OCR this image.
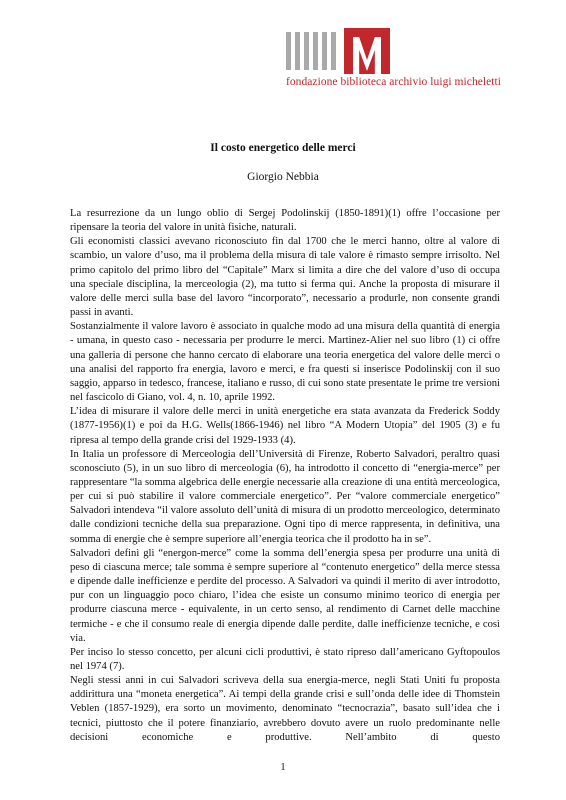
fondazione biblioteca archivio luigi micheletti
Il costo energetico delle merci
Giorgio Nebbia

La resurrezione da un lungo oblio di Sergej Podolinskij (1850-1891)(1) offre l’occasione per ripensare la teoria del valore in unità fisiche, naturali.

Gli economisti classici avevano riconosciuto fin dal 1700 che le merci hanno, oltre al valore di scambio, un valore d’uso, ma il problema della misura di tale valore è rimasto sempre irrisolto. Nel primo capitolo del primo libro del “Capitale” Marx si limita a dire che del valore d’uso di occupa una speciale disciplina, la merceologia (2), ma tutto si ferma qui. Anche la proposta di misurare il valore delle merci sulla base del lavoro “incorporato”, necessario a produrle, non consente grandi passi in avanti.

Sostanzialmente il valore lavoro è associato in qualche modo ad una misura della quantità di energia - umana, in questo caso - necessaria per produrre le merci. Martinez-Alier nel suo libro (1) ci offre una galleria di persone che hanno cercato di elaborare una teoria energetica del valore delle merci o una analisi del rapporto fra energia, lavoro e merci, e fra questi si inserisce Podolinskij con il suo saggio, apparso in tedesco, francese, italiano e russo, di cui sono state presentate le prime tre versioni nel fascicolo di Giano, vol. 4, n. 10, aprile 1992.

L’idea di misurare il valore delle merci in unità energetiche era stata avanzata da Frederick Soddy (1877-1956)(1) e poi da H.G. Wells(1866-1946) nel libro “A Modern Utopia” del 1905 (3) e fu ripresa al tempo della grande crisi del 1929-1933 (4).

In Italia un professore di Merceologia dell’Università di Firenze, Roberto Salvadori, peraltro quasi sconosciuto (5), in un suo libro di merceologia (6), ha introdotto il concetto di “energia-merce” per rappresentare “la somma algebrica delle energie necessarie alla creazione di una entità merceologica, per cui si può stabilire il valore commerciale energetico”. Per “valore commerciale energetico” Salvadori intendeva “il valore assoluto dell’unità di misura di un prodotto merceologico, determinato dalle condizioni tecniche della sua preparazione. Ogni tipo di merce rappresenta, in definitiva, una somma di energie che è sempre superiore all’energia teorica che il prodotto ha in se”.

Salvadori definì gli “energon-merce” come la somma dell’energia spesa per produrre una unità di peso di ciascuna merce; tale somma è sempre superiore al “contenuto energetico” della merce stessa e dipende dalle inefficienze e perdite del processo. A Salvadori va quindi il merito di aver introdotto, pur con un linguaggio poco chiaro, l’idea che esiste un consumo minimo teorico di energia per produrre ciascuna merce - equivalente, in un certo senso, al rendimento di Carnet delle macchine termiche - e che il consumo reale di energia dipende dalle perdite, dalle inefficienze tecniche, e così via.

Per inciso lo stesso concetto, per alcuni cicli produttivi, è stato ripreso dall’americano Gyftopoulos nel 1974 (7).

Negli stessi anni in cui Salvadori scriveva della sua energia-merce, negli Stati Uniti fu proposta addirittura una “moneta energetica”. Ai tempi della grande crisi e sull’onda delle idee di Thomstein Veblen (1857-1929), era sorto un movimento, denominato “tecnocrazia”, basato sull’idea che i tecnici, piuttosto che il potere finanziario, avrebbero dovuto avere un ruolo predominante nelle decisioni economiche e produttive. Nell’ambito di questo

1
